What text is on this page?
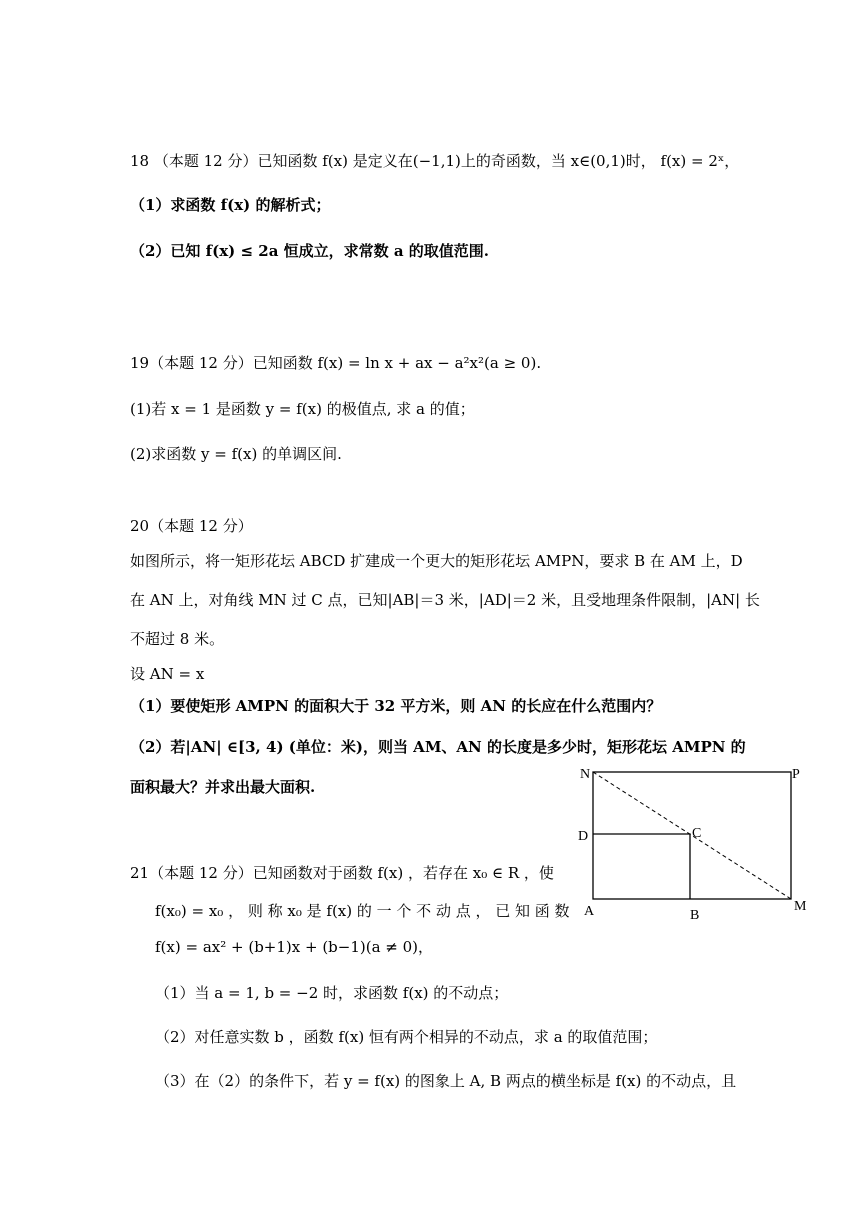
18 （本题 12 分）已知函数 f(x) 是定义在(−1,1)上的奇函数，当 x∈(0,1)时， f(x) = 2ˣ，
（1）求函数 f(x) 的解析式；
（2）已知 f(x) ≤ 2a 恒成立，求常数 a 的取值范围.
19（本题 12 分）已知函数 f(x) = ln x + ax − a²x²(a ≥ 0).
(1)若 x = 1 是函数 y = f(x) 的极值点, 求 a 的值；
(2)求函数 y = f(x) 的单调区间.
20（本题 12 分）
如图所示，将一矩形花坛 ABCD 扩建成一个更大的矩形花坛 AMPN，要求 B 在 AM 上，D
在 AN 上，对角线 MN 过 C 点，已知|AB|＝3 米，|AD|＝2 米，且受地理条件限制，|AN| 长
不超过 8 米。
设 AN = x
（1）要使矩形 AMPN 的面积大于 32 平方米，则 AN 的长应在什么范围内？
（2）若|AN| ∈[3, 4) (单位：米)，则当 AM、AN 的长度是多少时，矩形花坛 AMPN 的
面积最大？并求出最大面积.
N	P
D	C
A	B
M
21（本题 12 分）已知函数对于函数 f(x) ，若存在 x₀ ∈ R ，使
f(x₀) = x₀ ， 则 称 x₀ 是 f(x) 的 一 个 不 动 点 ， 已 知 函 数
f(x) = ax² + (b+1)x + (b−1)(a ≠ 0)，
（1）当 a = 1, b = −2 时，求函数 f(x) 的不动点；
（2）对任意实数 b ，函数 f(x) 恒有两个相异的不动点，求 a 的取值范围；
（3）在（2）的条件下，若 y = f(x) 的图象上 A, B 两点的横坐标是 f(x) 的不动点，且
